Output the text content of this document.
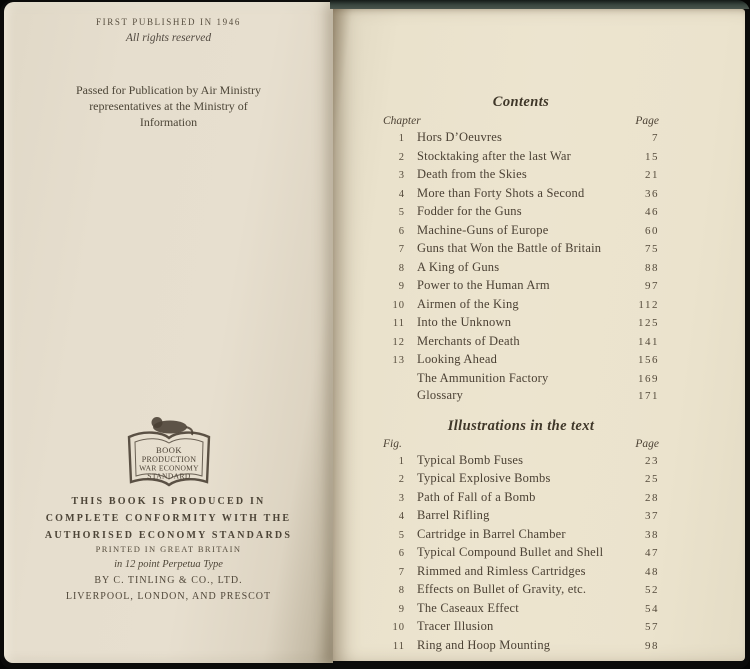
FIRST PUBLISHED IN 1946
All rights reserved
Passed for Publication by Air Ministry
representatives at the Ministry of
Information
BOOK
PRODUCTION
WAR ECONOMY
STANDARD
THIS BOOK IS PRODUCED IN
COMPLETE CONFORMITY WITH THE
AUTHORISED ECONOMY STANDARDS
PRINTED IN GREAT BRITAIN
in 12 point Perpetua Type
BY C. TINLING & CO., LTD.
LIVERPOOL, LONDON, AND PRESCOT
Contents
Chapter	Page
1 Hors D’Oeuvres	7
2 Stocktaking after the last War	15
3 Death from the Skies	21
4 More than Forty Shots a Second	36
5 Fodder for the Guns	46
6 Machine-Guns of Europe	60
7 Guns that Won the Battle of Britain	75
8 A King of Guns	88
9 Power to the Human Arm	97
10 Airmen of the King	112
11 Into the Unknown	125
12 Merchants of Death	141
13 Looking Ahead	156
The Ammunition Factory	169
Glossary	171
Illustrations in the text
Fig.	Page
1 Typical Bomb Fuses	23
2 Typical Explosive Bombs	25
3 Path of Fall of a Bomb	28
4 Barrel Rifling	37
5 Cartridge in Barrel Chamber	38
6 Typical Compound Bullet and Shell	47
7 Rimmed and Rimless Cartridges	48
8 Effects on Bullet of Gravity, etc.	52
9 The Caseaux Effect	54
10 Tracer Illusion	57
11 Ring and Hoop Mounting	98
